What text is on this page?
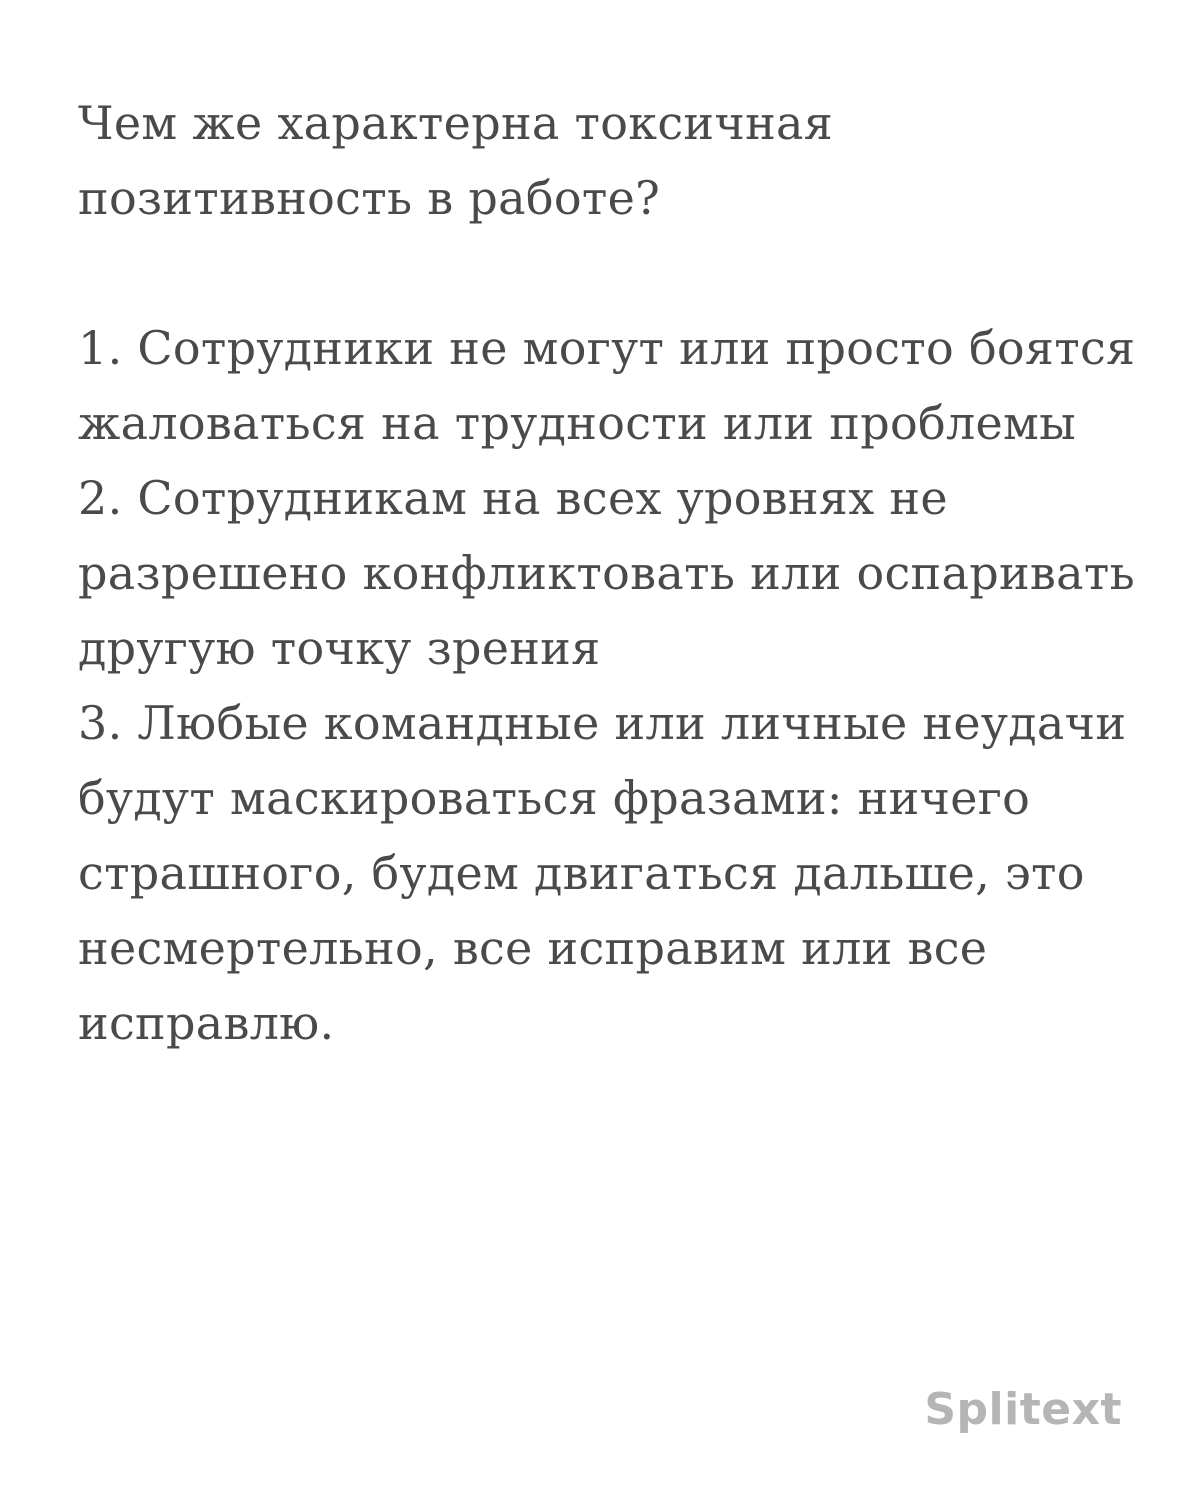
Чем же характерна токсичная позитивность в работе?

1. Сотрудники не могут или просто боятся жаловаться на трудности или проблемы

2. Сотрудникам на всех уровнях не разрешено конфликтовать или оспаривать другую точку зрения

3. Любые командные или личные неудачи будут маскироваться фразами: ничего страшного, будем двигаться дальше, это несмертельно, все исправим или все исправлю.

Splitext
